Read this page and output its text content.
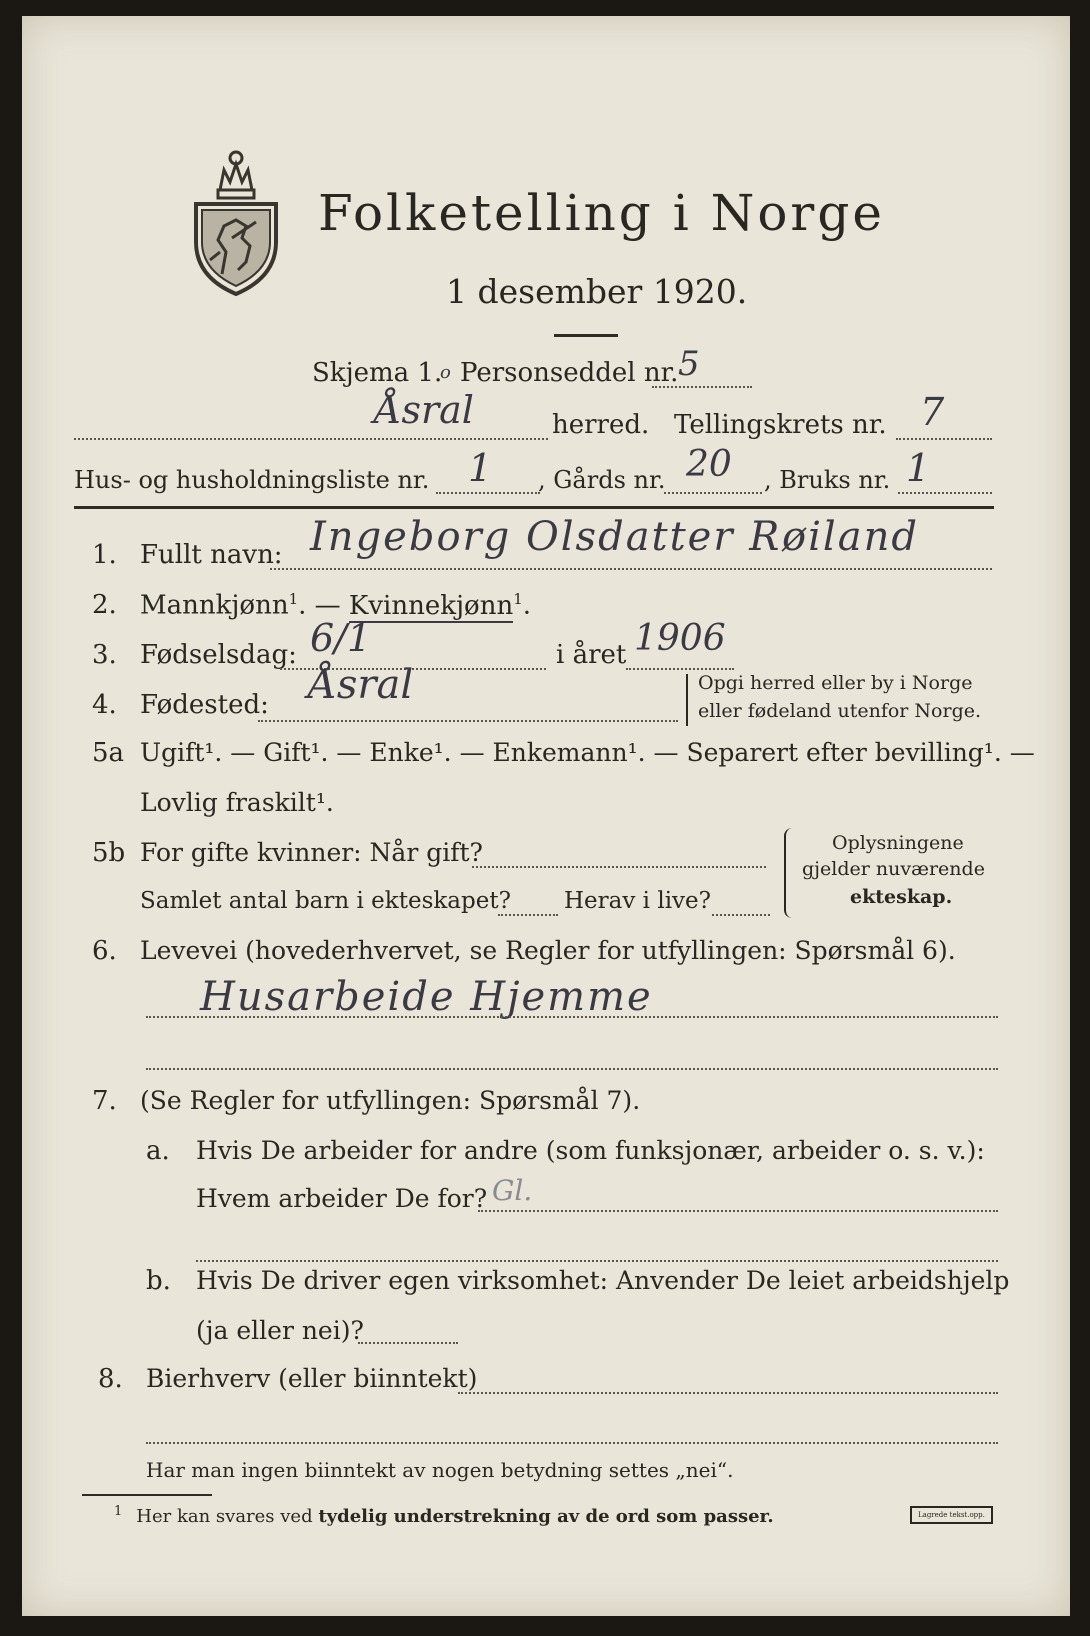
Folketelling i Norge
1 desember 1920.
Skjema 1.
o Personseddel nr. 5
Åsral	herred. Tellingskrets nr. 7
Hus- og husholdningsliste nr. 1 , Gårds nr. 20 , Bruks nr. 1
1. Fullt navn: Ingeborg Olsdatter Røiland
2. Mannkjønn$^1$. — Kvinnekjønn$^1$.
3. Fødselsdag: 6/1	i året 1906
4. Fødested: Åsral	Opgi herred eller by i Norge
eller fødeland utenfor Norge.
5a Ugift¹. — Gift¹. — Enke¹. — Enkemann¹. — Separert efter bevilling¹. —
Lovlig fraskilt¹.
5b For gifte kvinner: Når gift?
Samlet antal barn i ekteskapet? Herav i live?
Oplysningene
gjelder nuværende
ekteskap.
6. Levevei (hovederhvervet, se Regler for utfyllingen: Spørsmål 6).
Husarbeide Hjemme
7. (Se Regler for utfyllingen: Spørsmål 7).
a. Hvis De arbeider for andre (som funksjonær, arbeider o. s. v.):
Hvem arbeider De for? Gl.
b. Hvis De driver egen virksomhet: Anvender De leiet arbeidshjelp
(ja eller nei)?
8. Bierhverv (eller biinntekt)
Har man ingen biinntekt av nogen betydning settes „nei“.
$^1$ Her kan svares ved tydelig understrekning av de ord som passer.	Lagrede tekst.opp.
